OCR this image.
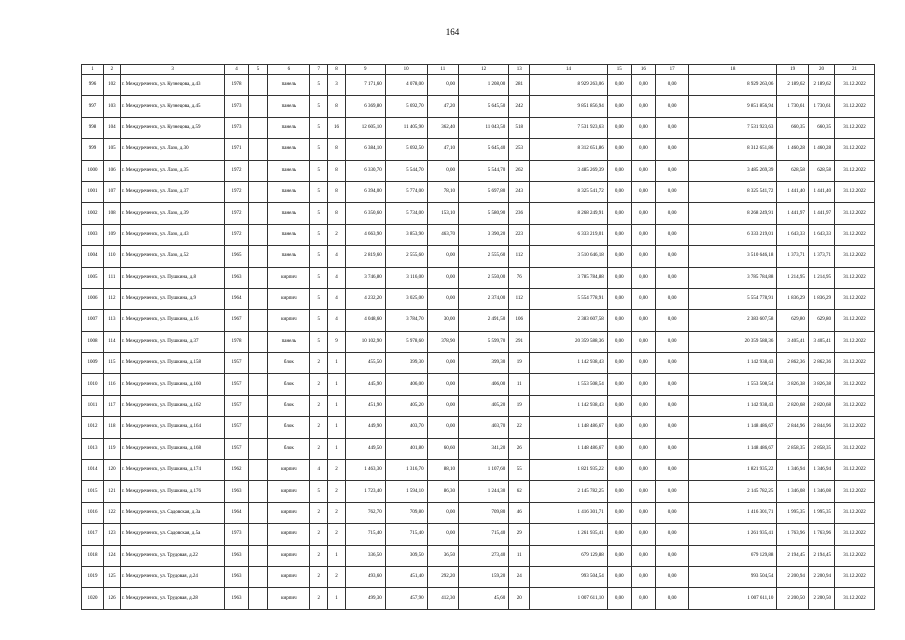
164
1	2	3	4	5	6	7	8	9	10	11	12	13	14	15	16	17	18	19	20	21
996	102	г. Междуреченск, ул. Кузнецова, д.43	1978		панель	5	3	7 171,60	4 078,00	0,00	1 208,00	281	8 929 263,06	0,00	0,00	0,00	8 929 263,06	2 189,62	2 189,62	31.12.2022
997	103	г. Междуреченск, ул. Кузнецова, д.45	1973		панель	5	8	6 369,80	5 692,70	47,20	5 645,50	242	9 851 856,94	0,00	0,00	0,00	9 851 856,94	1 730,61	1 730,61	31.12.2022
998	104	г. Междуреченск, ул. Кузнецова, д.59	1973		панель	5	16	12 605,10	11 405,90	362,40	11 043,50	518	7 531 923,63	0,00	0,00	0,00	7 531 923,63	660,35	660,35	31.12.2022
999	105	г. Междуреченск, ул. Лазо, д.30	1971		панель	5	8	6 384,10	5 692,50	47,10	5 645,40	253	8 312 651,86	0,00	0,00	0,00	8 312 651,86	1 460,28	1 460,28	31.12.2022
1000	106	г. Междуреченск, ул. Лазо, д.35	1972		панель	5	8	6 330,70	5 544,70	0,00	5 544,70	262	3 485 269,39	0,00	0,00	0,00	3 485 269,39	628,58	628,58	31.12.2022
1001	107	г. Междуреченск, ул. Лазо, д.37	1972		панель	5	8	6 394,00	5 774,00	78,10	5 697,80	243	8 325 541,72	0,00	0,00	0,00	8 325 541,72	1 441,40	1 441,40	31.12.2022
1002	108	г. Междуреченск, ул. Лазо, д.39	1972		панель	5	8	6 350,60	5 734,00	153,10	5 580,90	236	8 268 249,91	0,00	0,00	0,00	8 268 249,91	1 441,97	1 441,97	31.12.2022
1003	109	г. Междуреченск, ул. Лазо, д.43	1972		панель	5	2	4 663,90	3 853,90	463,70	3 390,20	223	6 333 219,01	0,00	0,00	0,00	6 333 219,01	1 643,33	1 643,33	31.12.2022
1004	110	г. Междуреченск, ул. Лазо, д.52	1965		панель	5	4	2 819,60	2 555,60	0,00	2 555,60	112	3 510 646,18	0,00	0,00	0,00	3 510 646,18	1 373,71	1 373,71	31.12.2022
1005	111	г. Междуреченск, ул. Пушкина, д.8	1963		кирпич	5	4	3 746,80	3 116,00	0,00	2 550,00	76	3 785 784,88	0,00	0,00	0,00	3 785 784,88	1 214,95	1 214,95	31.12.2022
1006	112	г. Междуреченск, ул. Пушкина, д.9	1964		кирпич	5	4	4 232,20	3 025,00	0,00	2 374,00	112	5 554 778,91	0,00	0,00	0,00	5 554 778,91	1 836,29	1 836,29	31.12.2022
1007	113	г. Междуреченск, ул. Пушкина, д.16	1967		кирпич	5	4	4 048,60	3 784,70	30,00	2 491,50	106	2 383 607,58	0,00	0,00	0,00	2 383 607,58	629,80	629,80	31.12.2022
1008	114	г. Междуреченск, ул. Пушкина, д.37	1978		панель	5	9	10 102,90	5 978,60	378,90	5 599,70	291	20 359 588,36	0,00	0,00	0,00	20 359 588,36	3 405,41	3 405,41	31.12.2022
1009	115	г. Междуреченск, ул. Пушкина, д.158	1957		блок	2	1	455,50	399,30	0,00	399,30	19	1 142 938,43	0,00	0,00	0,00	1 142 938,43	2 862,36	2 862,36	31.12.2022
1010	116	г. Междуреченск, ул. Пушкина, д.160	1957		блок	2	1	445,90	406,00	0,00	406,00	11	1 553 508,54	0,00	0,00	0,00	1 553 508,54	3 826,38	3 826,38	31.12.2022
1011	117	г. Междуреченск, ул. Пушкина, д.162	1957		блок	2	1	451,90	405,20	0,00	405,20	19	1 142 938,43	0,00	0,00	0,00	1 142 938,43	2 820,68	2 820,68	31.12.2022
1012	118	г. Междуреченск, ул. Пушкина, д.164	1957		блок	2	1	449,90	403,70	0,00	403,70	22	1 148 486,67	0,00	0,00	0,00	1 148 486,67	2 844,96	2 844,96	31.12.2022
1013	119	г. Междуреченск, ул. Пушкина, д.168	1957		блок	2	1	449,50	401,80	60,60	341,20	26	1 148 486,67	0,00	0,00	0,00	1 148 486,67	2 858,35	2 858,35	31.12.2022
1014	120	г. Междуреченск, ул. Пушкина, д.174	1962		кирпич	4	2	1 463,30	1 316,70	88,10	1 107,60	55	1 821 935,22	0,00	0,00	0,00	1 821 935,22	1 346,94	1 346,94	31.12.2022
1015	121	г. Междуреченск, ул. Пушкина, д.176	1963		кирпич	5	2	1 723,40	1 594,10	86,30	1 244,30	62	2 145 782,25	0,00	0,00	0,00	2 145 782,25	1 346,08	1 346,08	31.12.2022
1016	122	г. Междуреченск, ул. Садовская, д.3а	1964		кирпич	2	2	762,70	709,80	0,00	709,80	46	1 416 301,71	0,00	0,00	0,00	1 416 301,71	1 995,35	1 995,35	31.12.2022
1017	123	г. Междуреченск, ул. Садовская, д.5а	1973		кирпич	2	2	715,40	715,40	0,00	715,40	29	1 261 935,41	0,00	0,00	0,00	1 261 935,41	1 763,96	1 763,96	31.12.2022
1018	124	г. Междуреченск, ул. Трудовая, д.22	1963		кирпич	2	1	336,50	309,50	36,50	273,40	11	679 129,88	0,00	0,00	0,00	679 129,88	2 194,45	2 194,45	31.12.2022
1019	125	г. Междуреченск, ул. Трудовая, д.24	1963		кирпич	2	2	493,60	451,40	292,20	159,20	24	993 504,54	0,00	0,00	0,00	993 504,54	2 200,94	2 200,94	31.12.2022
1020	126	г. Междуреченск, ул. Трудовая, д.28	1963		кирпич	2	1	499,30	457,90	412,30	45,60	20	1 007 611,10	0,00	0,00	0,00	1 007 611,10	2 200,50	2 200,50	31.12.2022
